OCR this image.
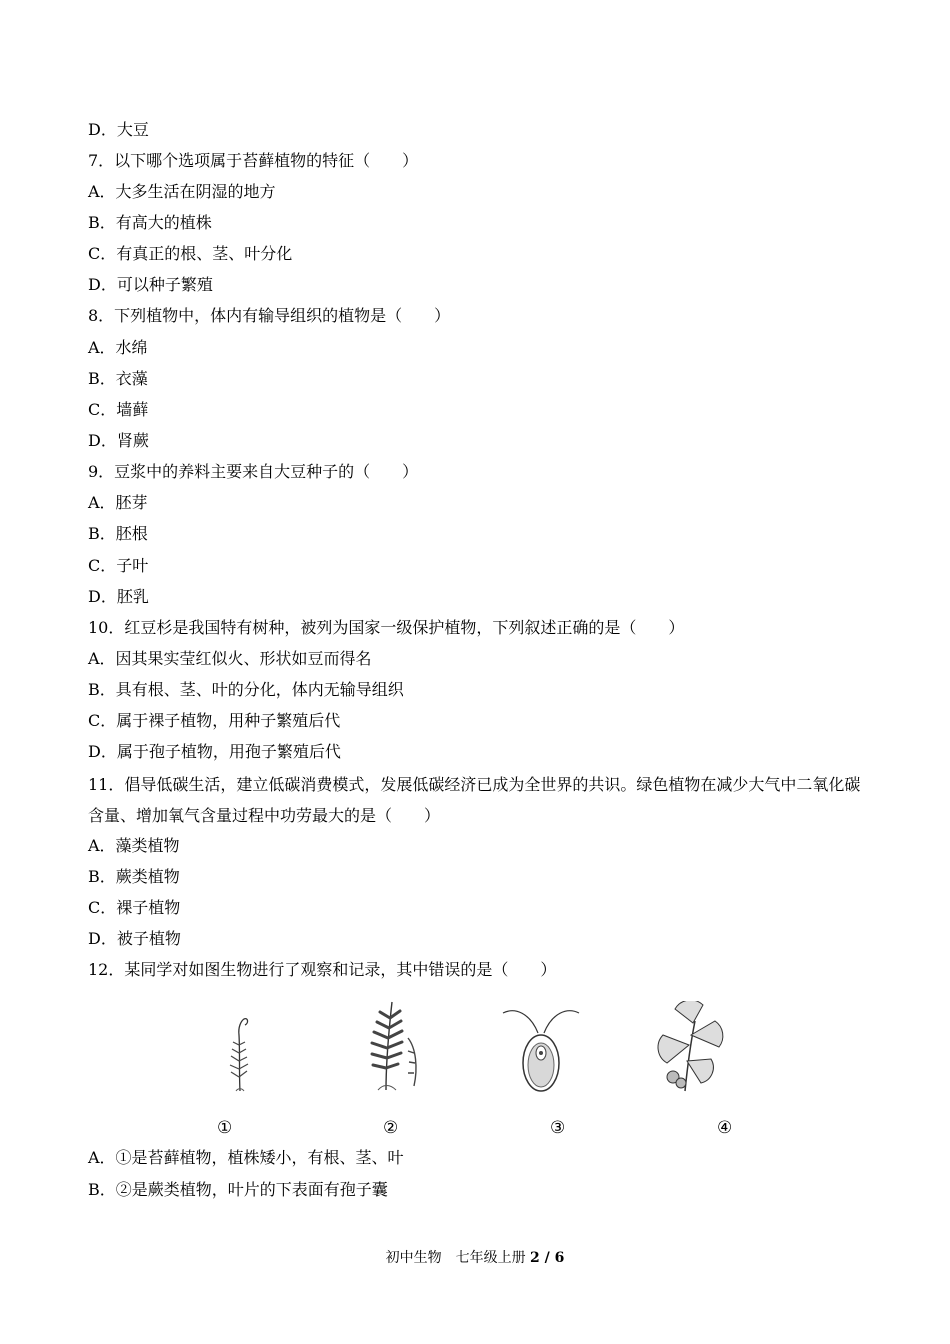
D．大豆
7．以下哪个选项属于苔藓植物的特征（　　）
A．大多生活在阴湿的地方
B．有高大的植株
C．有真正的根、茎、叶分化
D．可以种子繁殖
8．下列植物中，体内有输导组织的植物是（　　）
A．水绵
B．衣藻
C．墙藓
D．肾蕨
9．豆浆中的养料主要来自大豆种子的（　　）
A．胚芽
B．胚根
C．子叶
D．胚乳
10．红豆杉是我国特有树种，被列为国家一级保护植物，下列叙述正确的是（　　）
A．因其果实莹红似火、形状如豆而得名
B．具有根、茎、叶的分化，体内无输导组织
C．属于裸子植物，用种子繁殖后代
D．属于孢子植物，用孢子繁殖后代
11．倡导低碳生活，建立低碳消费模式，发展低碳经济已成为全世界的共识。绿色植物在减少大气中二氧化碳含量、增加氧气含量过程中功劳最大的是（　　）
A．藻类植物
B．蕨类植物
C．裸子植物
D．被子植物
12．某同学对如图生物进行了观察和记录，其中错误的是（　　）
①	②	③	④
A．①是苔藓植物，植株矮小，有根、茎、叶
B．②是蕨类植物，叶片的下表面有孢子囊
初中生物　七年级上册 2 / 6
